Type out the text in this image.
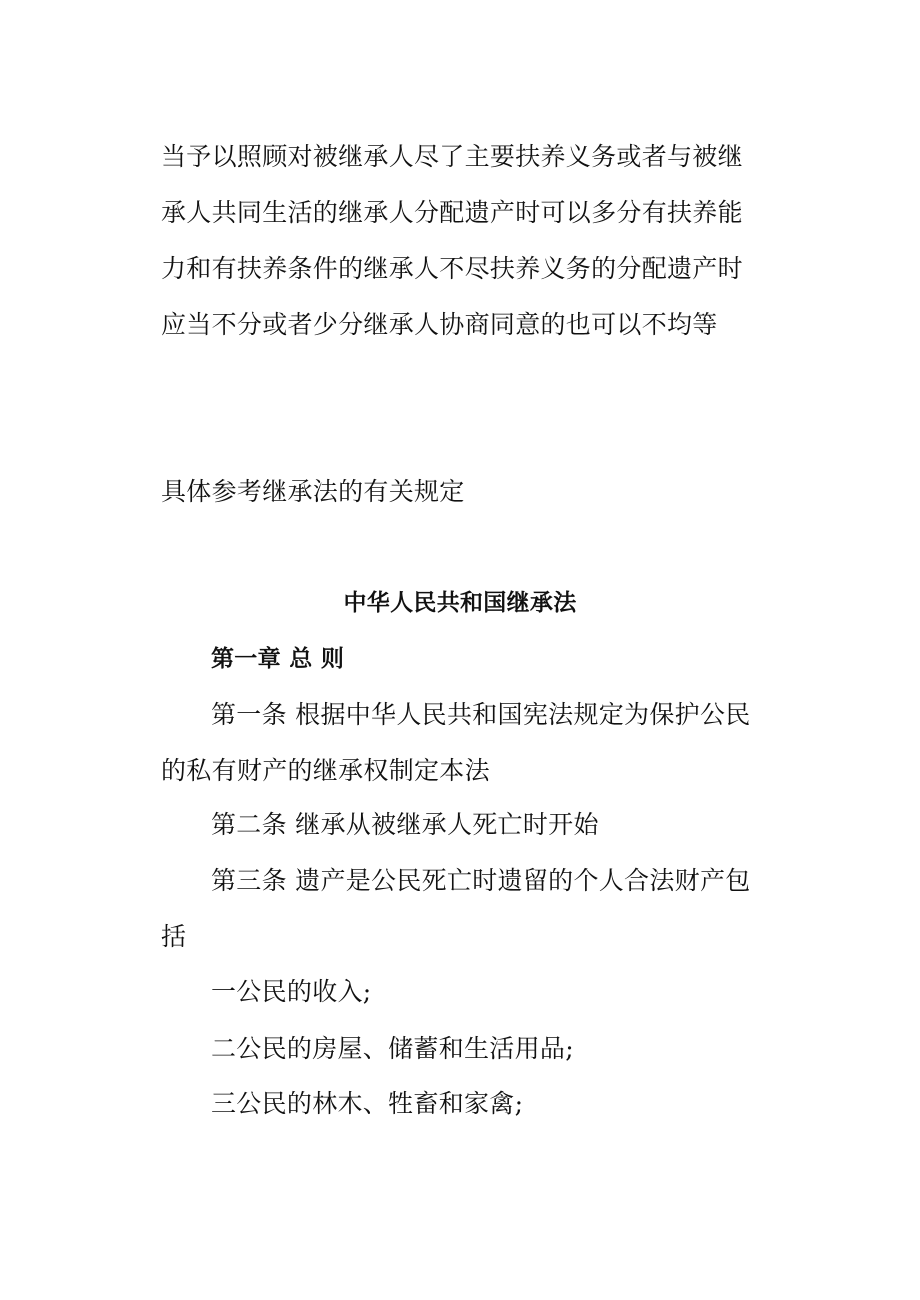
当予以照顾对被继承人尽了主要扶养义务或者与被继
承人共同生活的继承人分配遗产时可以多分有扶养能
力和有扶养条件的继承人不尽扶养义务的分配遗产时
应当不分或者少分继承人协商同意的也可以不均等
具体参考继承法的有关规定
中华人民共和国继承法
第一章 总 则
第一条 根据中华人民共和国宪法规定为保护公民
的私有财产的继承权制定本法
第二条 继承从被继承人死亡时开始
第三条 遗产是公民死亡时遗留的个人合法财产包
括
一公民的收入;
二公民的房屋、储蓄和生活用品;
三公民的林木、牲畜和家禽;
